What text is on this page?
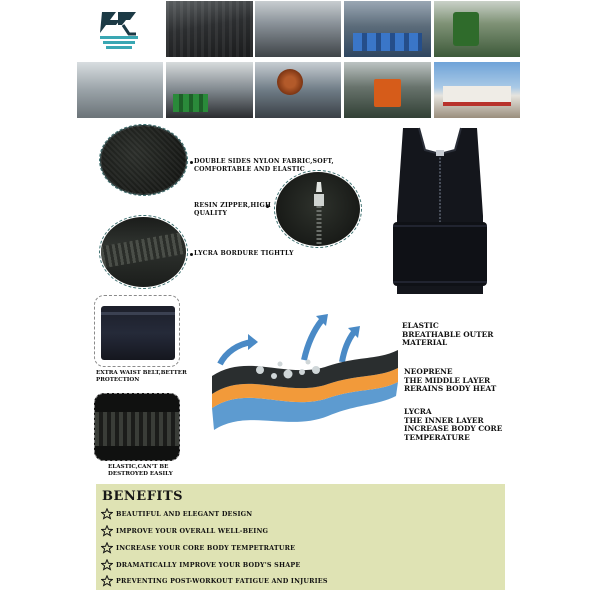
DOUBLE SIDES NYLON FABRIC,SOFT,
COMFORTABLE AND ELASTIC
RESIN ZIPPER,HIGH
QUALITY
LYCRA BORDURE TIGHTLY
EXTRA WAIST BELT,BETTER
PROTECTION
ELASTIC,CAN'T BE
DESTROYED EASILY
ELASTIC
BREATHABLE OUTER
MATERIAL
NEOPRENE
THE MIDDLE LAYER
RERAINS BODY HEAT
LYCRA
THE INNER LAYER
INCREASE BODY CORE
TEMPERATURE
BENEFITS
BEAUTIFUL AND ELEGANT DESIGN
IMPROVE YOUR OVERALL WELL-BEING
INCREASE YOUR CORE BODY TEMPETRATURE
DRAMATICALLY IMPROVE YOUR BODY'S SHAPE
PREVENTING POST-WORKOUT FATIGUE AND INJURIES
